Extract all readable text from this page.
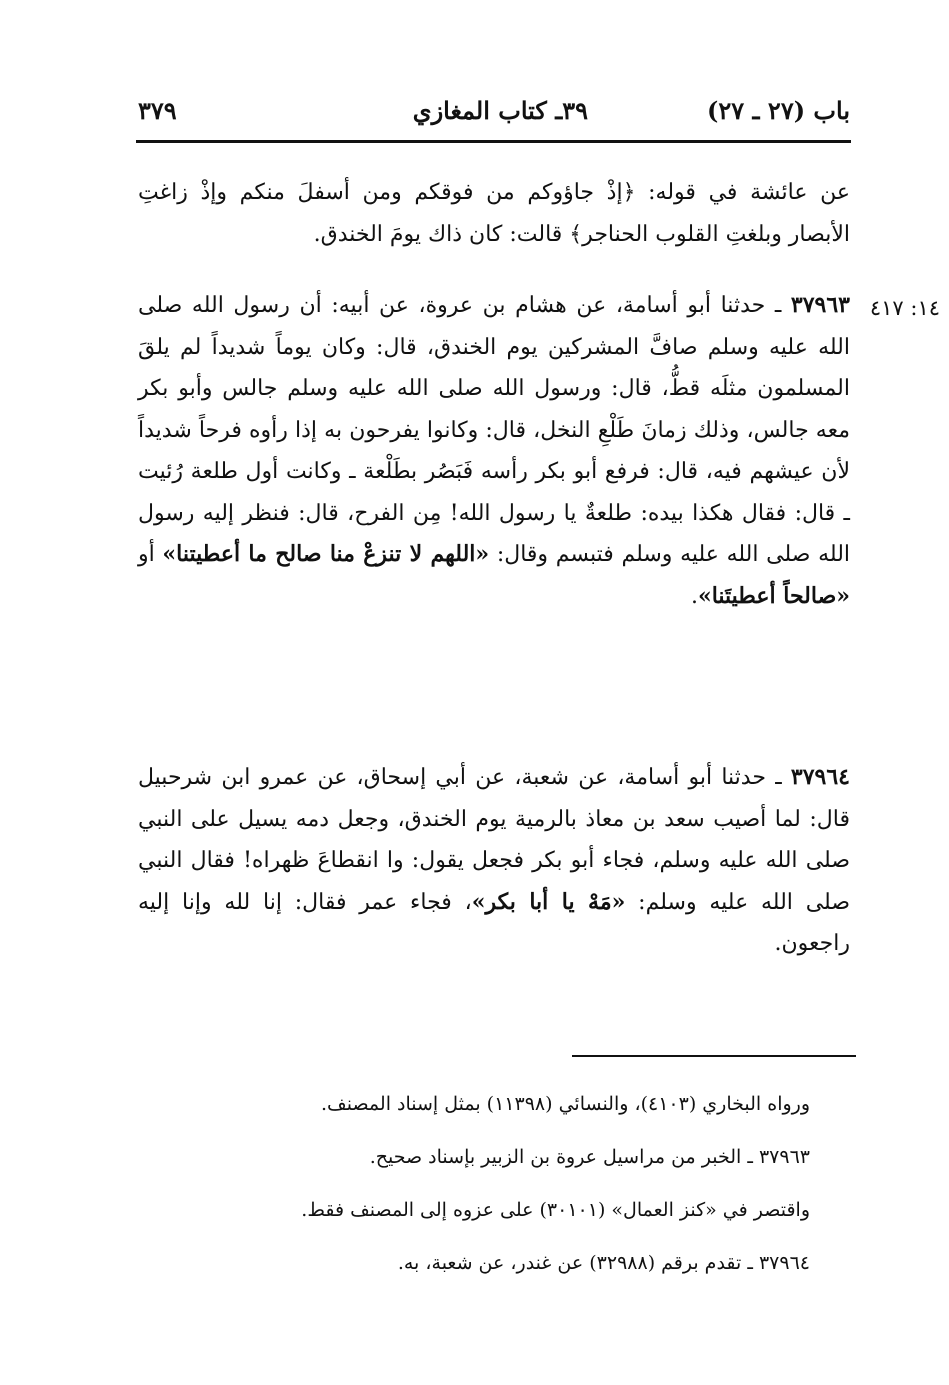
باب (٢٧ ـ ٢٧)
٣٩ـ كتاب المغازي
٣٧٩
عن عائشة في قوله: ﴿إذْ جاؤوكم من فوقكم ومن أسفلَ منكم وإذْ زاغتِ الأبصار وبلغتِ القلوب الحناجر﴾ قالت: كان ذاك يومَ الخندق.
١٤: ٤١٧
٣٧٩٦٣ ـ حدثنا أبو أسامة، عن هشام بن عروة، عن أبيه: أن رسول الله صلى الله عليه وسلم صافَّ المشركين يوم الخندق، قال: وكان يوماً شديداً لم يلقَ المسلمون مثلَه قطُّ، قال: ورسول الله صلى الله عليه وسلم جالس وأبو بكر معه جالس، وذلك زمانَ طَلْعِ النخل، قال: وكانوا يفرحون به إذا رأوه فرحاً شديداً لأن عيشهم فيه، قال: فرفع أبو بكر رأسه فَبَصُر بطَلْعة ـ وكانت أول طلعة رُئيت ـ قال: فقال هكذا بيده: طلعةٌ يا رسول الله! مِن الفرح، قال: فنظر إليه رسول الله صلى الله عليه وسلم فتبسم وقال: «اللهم لا تنزعْ منا صالح ما أعطيتنا» أو «صالحاً أعطيتَنا».
٣٧٩٦٤ ـ حدثنا أبو أسامة، عن شعبة، عن أبي إسحاق، عن عمرو ابن شرحبيل قال: لما أصيب سعد بن معاذ بالرمية يوم الخندق، وجعل دمه يسيل على النبي صلى الله عليه وسلم، فجاء أبو بكر فجعل يقول: وا انقطاعَ ظهراه! فقال النبي صلى الله عليه وسلم: «مَهْ يا أبا بكر»، فجاء عمر فقال: إنا لله وإنا إليه راجعون.
ورواه البخاري (٤١٠٣)، والنسائي (١١٣٩٨) بمثل إسناد المصنف.
٣٧٩٦٣ ـ الخبر من مراسيل عروة بن الزبير بإسناد صحيح.
واقتصر في «كنز العمال» (٣٠١٠١) على عزوه إلى المصنف فقط.
٣٧٩٦٤ ـ تقدم برقم (٣٢٩٨٨) عن غندر، عن شعبة، به.
